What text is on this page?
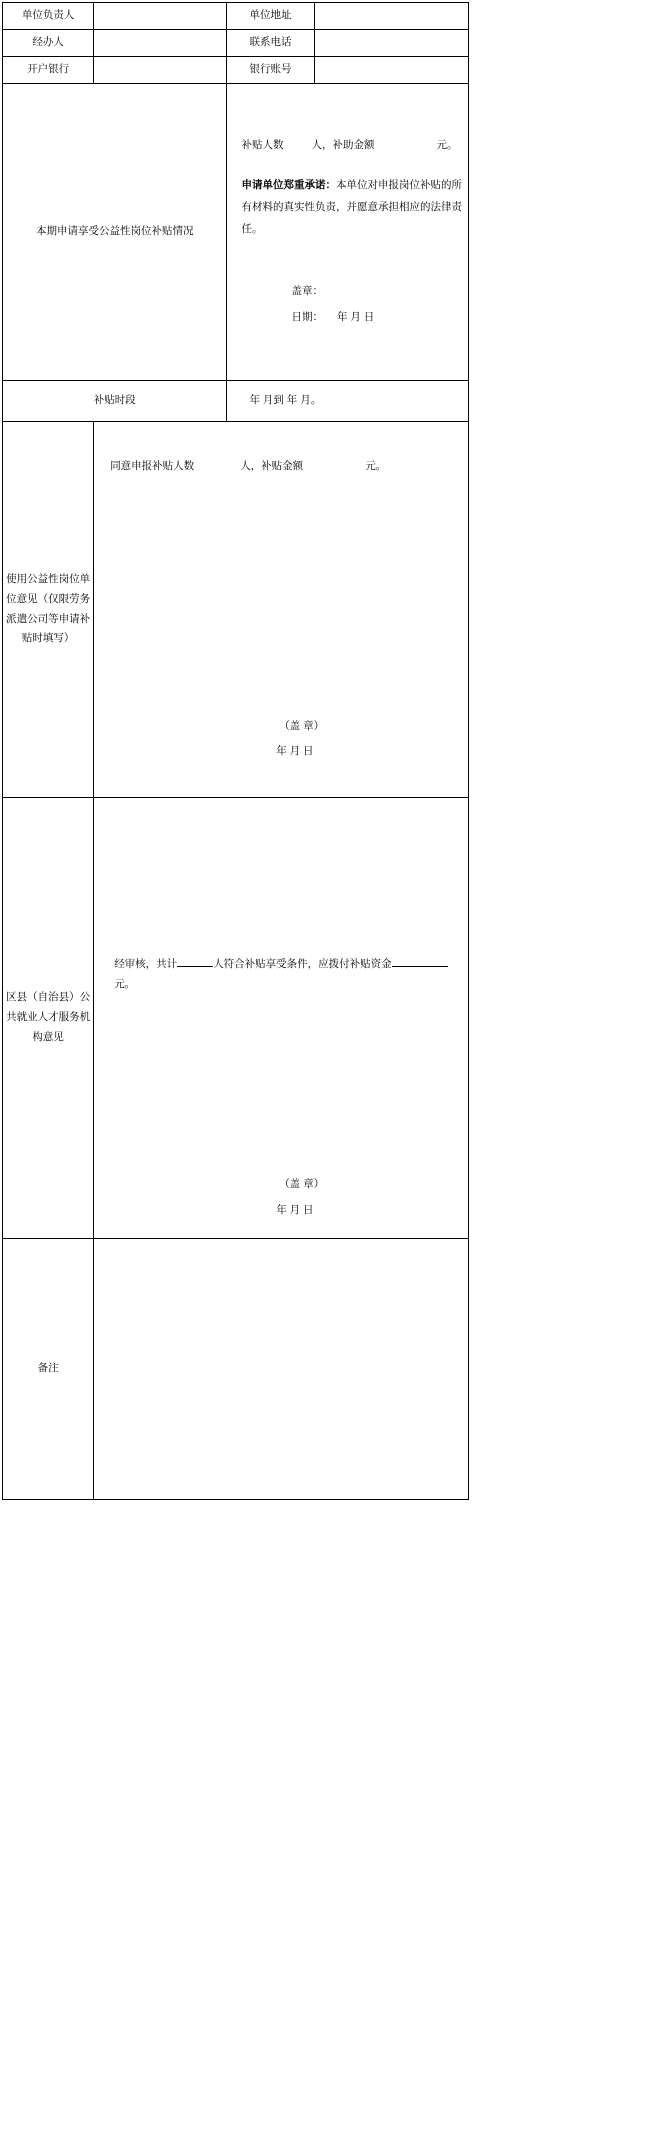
单位负责人		单位地址	
经办人		联系电话	
开户银行		银行账号	
本期申请享受公益性岗位补贴情况		补贴人数 人，补助金额 元。
申请单位郑重承诺：本单位对申报岗位补贴的所有材料的真实性负责，并愿意承担相应的法律责任。
盖章：
日期： 年 月 日	

补贴时段		年 月到 年 月。	
使用公益性岗位单位意见（仅限劳务派遣公司等申请补贴时填写）	同意申报补贴人数 人，补贴金额 元。
（盖 章）
年 月 日		

区县（自治县）公共就业人才服务机构意见	经审核，共计 人符合补贴享受条件，应拨付补贴资金
元。
（盖 章）
年 月 日		

备注			
